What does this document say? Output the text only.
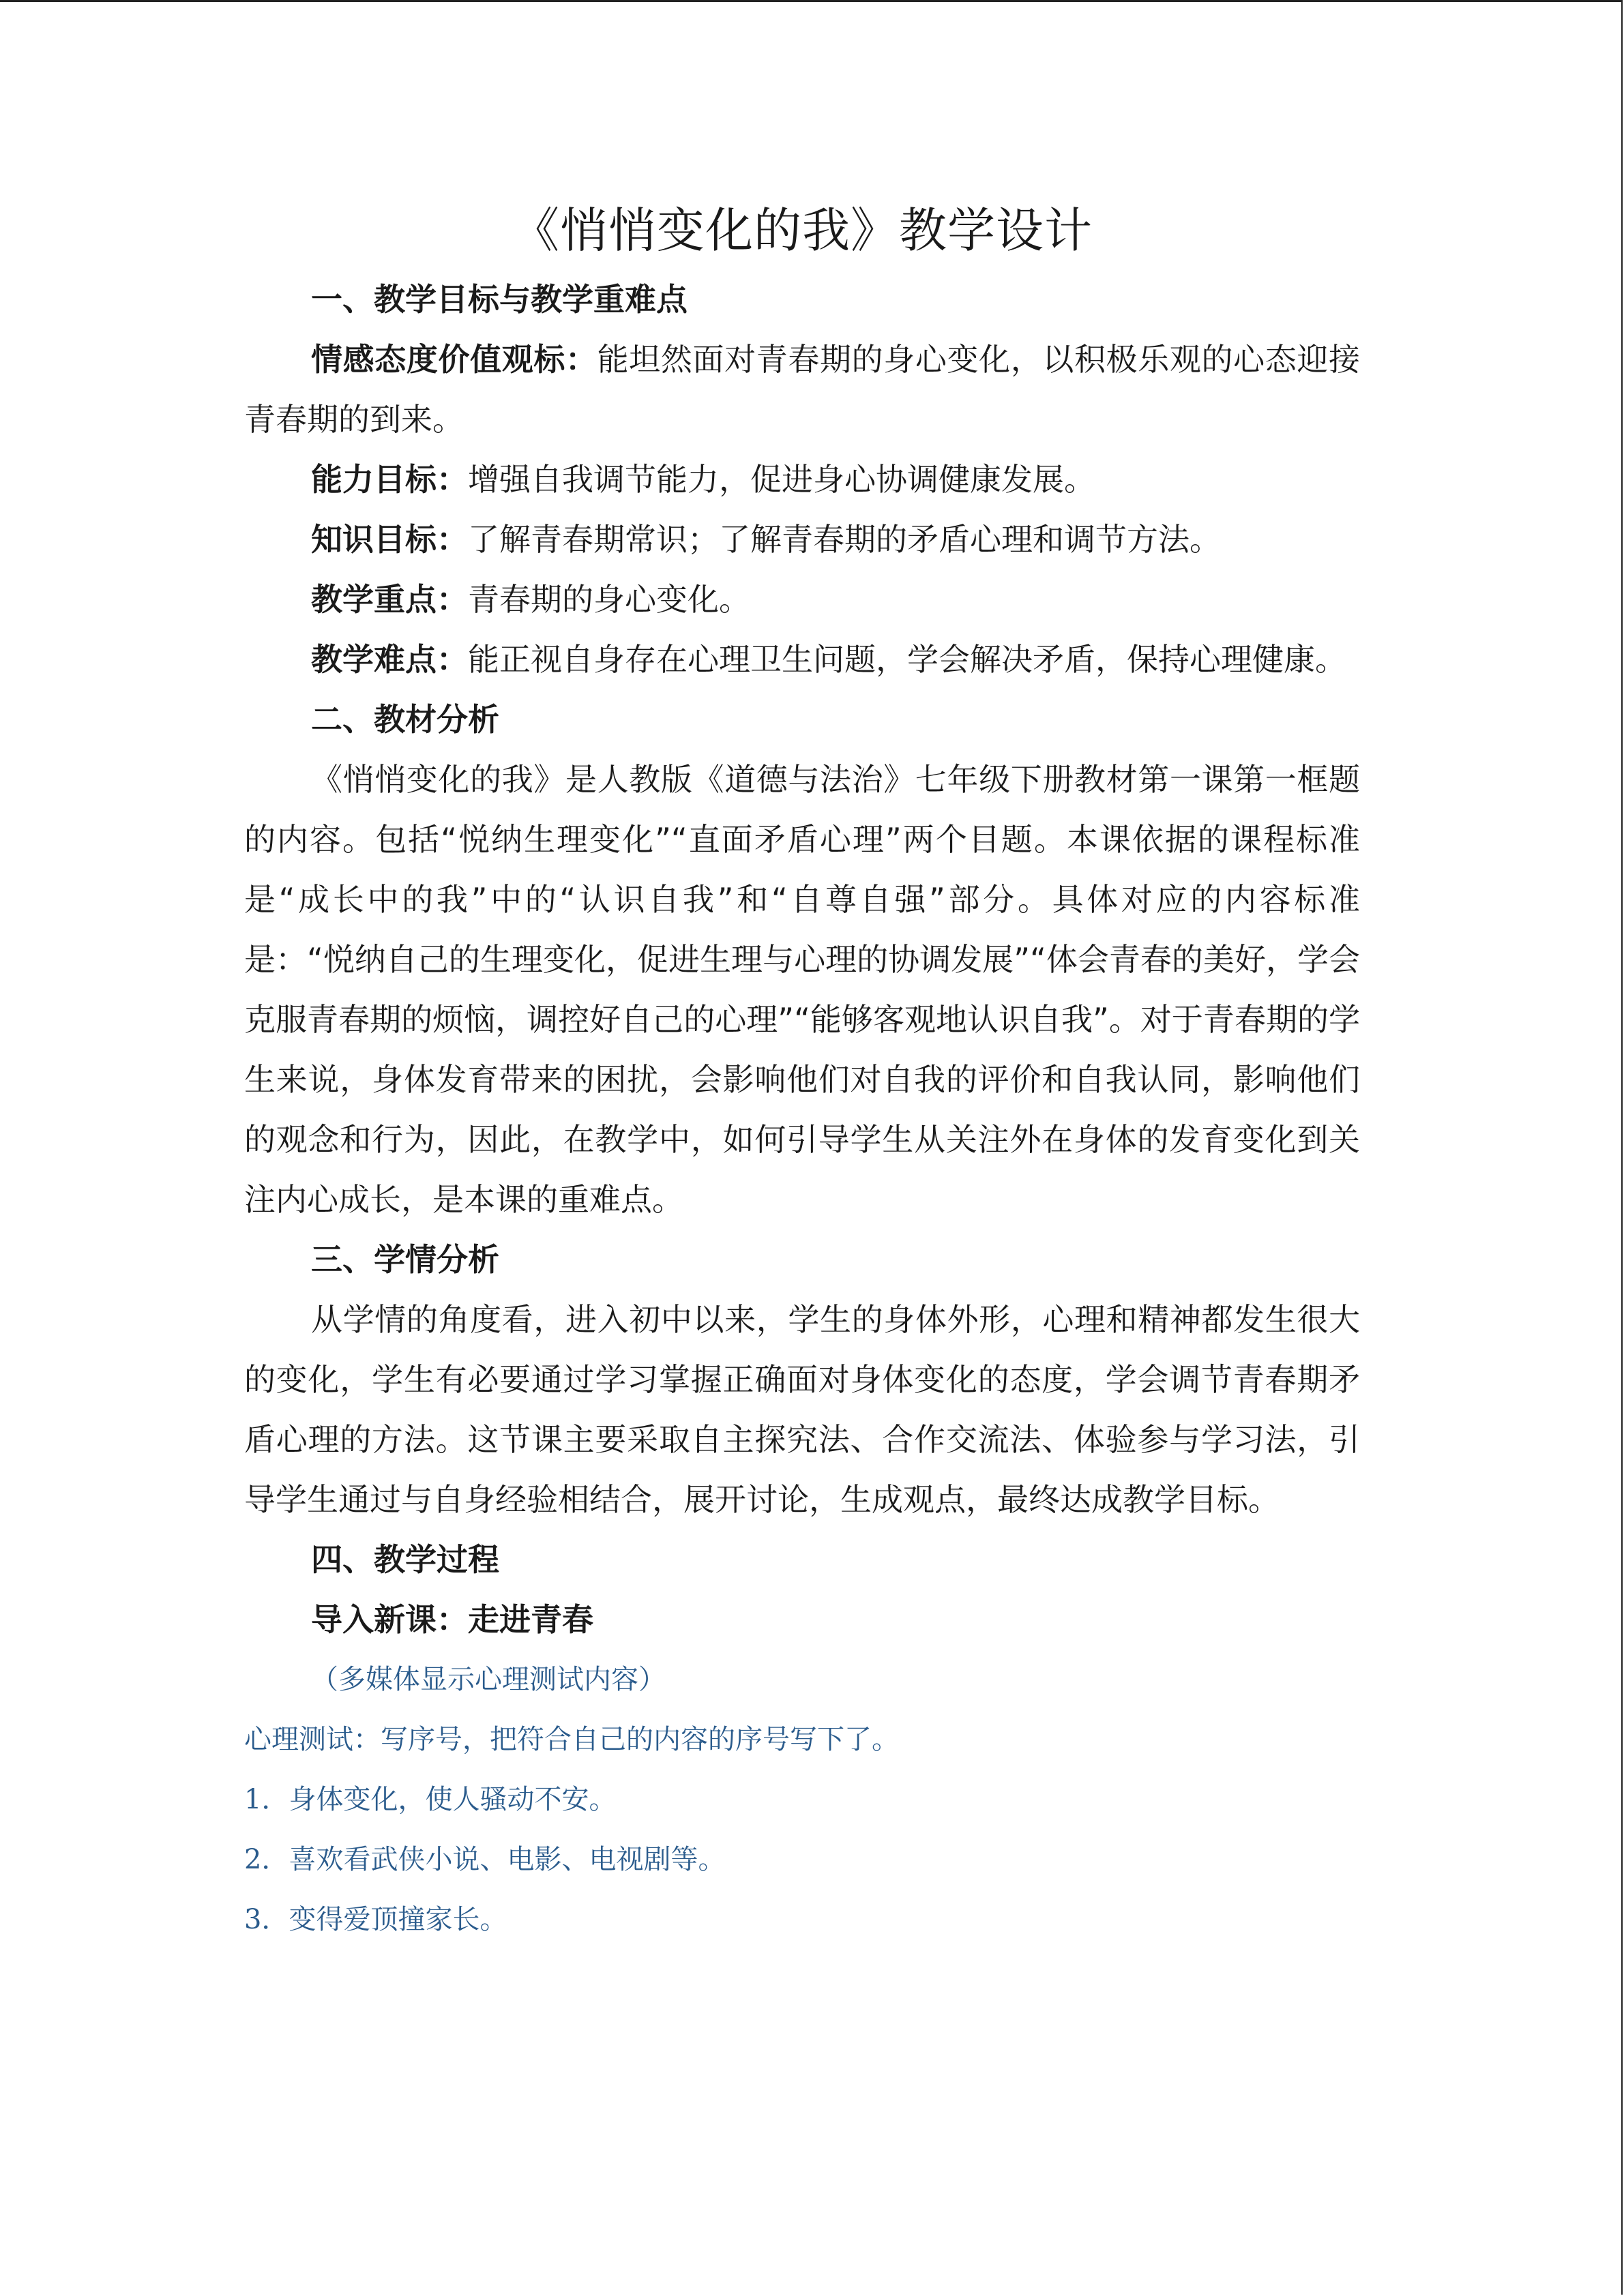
《悄悄变化的我》教学设计

一、教学目标与教学重难点

情感态度价值观标：能坦然面对青春期的身心变化，以积极乐观的心态迎接青春期的到来。

能力目标：增强自我调节能力，促进身心协调健康发展。

知识目标：了解青春期常识；了解青春期的矛盾心理和调节方法。

教学重点：青春期的身心变化。

教学难点：能正视自身存在心理卫生问题，学会解决矛盾，保持心理健康。

二、教材分析

《悄悄变化的我》是人教版《道德与法治》七年级下册教材第一课第一框题的内容。包括“悦纳生理变化”“直面矛盾心理”两个目题。本课依据的课程标准是“成长中的我”中的“认识自我”和“自尊自强”部分。具体对应的内容标准是：“悦纳自己的生理变化，促进生理与心理的协调发展”“体会青春的美好，学会克服青春期的烦恼，调控好自己的心理”“能够客观地认识自我”。对于青春期的学生来说，身体发育带来的困扰，会影响他们对自我的评价和自我认同，影响他们的观念和行为，因此，在教学中，如何引导学生从关注外在身体的发育变化到关注内心成长，是本课的重难点。

三、学情分析

从学情的角度看，进入初中以来，学生的身体外形，心理和精神都发生很大的变化，学生有必要通过学习掌握正确面对身体变化的态度，学会调节青春期矛盾心理的方法。这节课主要采取自主探究法、合作交流法、体验参与学习法，引导学生通过与自身经验相结合，展开讨论，生成观点，最终达成教学目标。

四、教学过程

导入新课：走进青春

（多媒体显示心理测试内容）

心理测试：写序号，把符合自己的内容的序号写下了。

1．身体变化，使人骚动不安。

2．喜欢看武侠小说、电影、电视剧等。

3．变得爱顶撞家长。
